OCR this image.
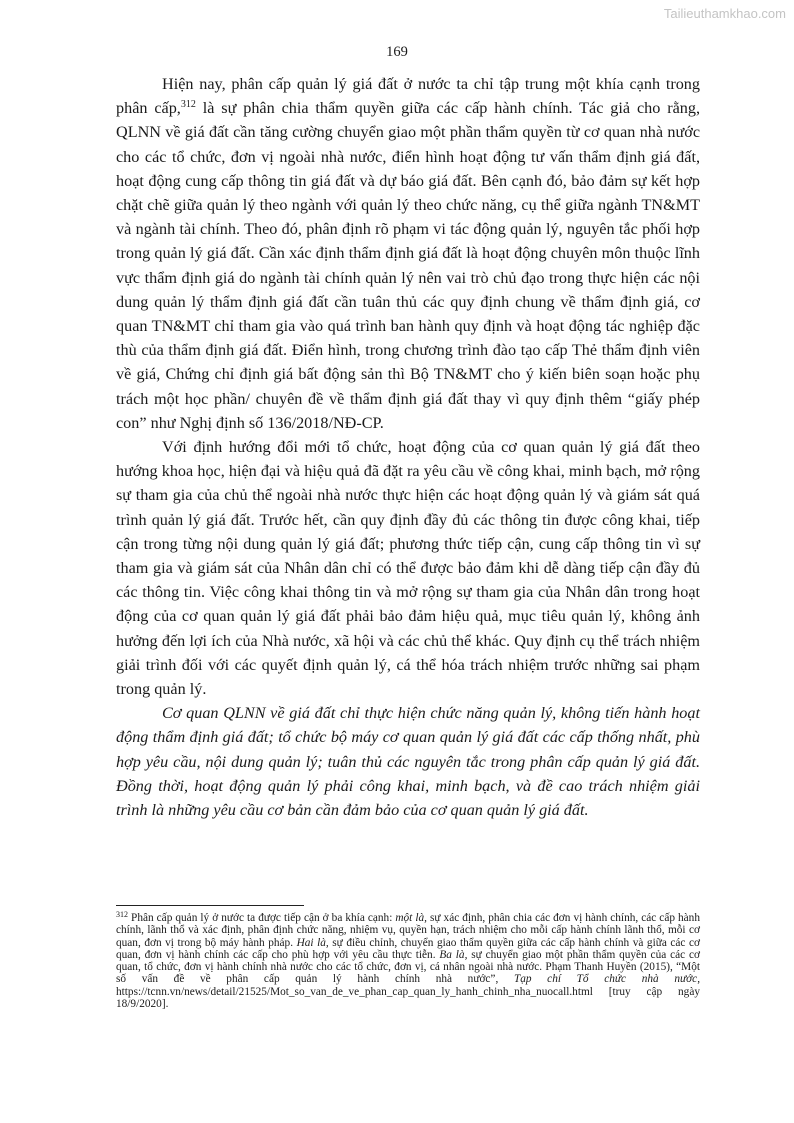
Tailieuthamkhao.com
169

Hiện nay, phân cấp quản lý giá đất ở nước ta chỉ tập trung một khía cạnh trong phân cấp,$^{312}$ là sự phân chia thẩm quyền giữa các cấp hành chính. Tác giả cho rằng, QLNN về giá đất cần tăng cường chuyển giao một phần thẩm quyền từ cơ quan nhà nước cho các tổ chức, đơn vị ngoài nhà nước, điển hình hoạt động tư vấn thẩm định giá đất, hoạt động cung cấp thông tin giá đất và dự báo giá đất. Bên cạnh đó, bảo đảm sự kết hợp chặt chẽ giữa quản lý theo ngành với quản lý theo chức năng, cụ thể giữa ngành TN&MT và ngành tài chính. Theo đó, phân định rõ phạm vi tác động quản lý, nguyên tắc phối hợp trong quản lý giá đất. Cần xác định thẩm định giá đất là hoạt động chuyên môn thuộc lĩnh vực thẩm định giá do ngành tài chính quản lý nên vai trò chủ đạo trong thực hiện các nội dung quản lý thẩm định giá đất cần tuân thủ các quy định chung về thẩm định giá, cơ quan TN&MT chỉ tham gia vào quá trình ban hành quy định và hoạt động tác nghiệp đặc thù của thẩm định giá đất. Điển hình, trong chương trình đào tạo cấp Thẻ thẩm định viên về giá, Chứng chỉ định giá bất động sản thì Bộ TN&MT cho ý kiến biên soạn hoặc phụ trách một học phần/ chuyên đề về thẩm định giá đất thay vì quy định thêm “giấy phép con” như Nghị định số 136/2018/NĐ-CP.

Với định hướng đổi mới tổ chức, hoạt động của cơ quan quản lý giá đất theo hướng khoa học, hiện đại và hiệu quả đã đặt ra yêu cầu về công khai, minh bạch, mở rộng sự tham gia của chủ thể ngoài nhà nước thực hiện các hoạt động quản lý và giám sát quá trình quản lý giá đất. Trước hết, cần quy định đầy đủ các thông tin được công khai, tiếp cận trong từng nội dung quản lý giá đất; phương thức tiếp cận, cung cấp thông tin vì sự tham gia và giám sát của Nhân dân chỉ có thể được bảo đảm khi dễ dàng tiếp cận đầy đủ các thông tin. Việc công khai thông tin và mở rộng sự tham gia của Nhân dân trong hoạt động của cơ quan quản lý giá đất phải bảo đảm hiệu quả, mục tiêu quản lý, không ảnh hưởng đến lợi ích của Nhà nước, xã hội và các chủ thể khác. Quy định cụ thể trách nhiệm giải trình đối với các quyết định quản lý, cá thể hóa trách nhiệm trước những sai phạm trong quản lý.

Cơ quan QLNN về giá đất chỉ thực hiện chức năng quản lý, không tiến hành hoạt động thẩm định giá đất; tổ chức bộ máy cơ quan quản lý giá đất các cấp thống nhất, phù hợp yêu cầu, nội dung quản lý; tuân thủ các nguyên tắc trong phân cấp quản lý giá đất. Đồng thời, hoạt động quản lý phải công khai, minh bạch, và đề cao trách nhiệm giải trình là những yêu cầu cơ bản cần đảm bảo của cơ quan quản lý giá đất.

$^{312}$ Phân cấp quản lý ở nước ta được tiếp cận ở ba khía cạnh: một là, sự xác định, phân chia các đơn vị hành chính, các cấp hành chính, lãnh thổ và xác định, phân định chức năng, nhiệm vụ, quyền hạn, trách nhiệm cho mỗi cấp hành chính lãnh thổ, mỗi cơ quan, đơn vị trong bộ máy hành pháp. Hai là, sự điều chỉnh, chuyển giao thẩm quyền giữa các cấp hành chính và giữa các cơ quan, đơn vị hành chính các cấp cho phù hợp với yêu cầu thực tiễn. Ba là, sự chuyển giao một phần thẩm quyền của các cơ quan, tổ chức, đơn vị hành chính nhà nước cho các tổ chức, đơn vị, cá nhân ngoài nhà nước. Phạm Thanh Huyền (2015), “Một số vấn đề về phân cấp quản lý hành chính nhà nước”, Tạp chí Tổ chức nhà nước, https://tcnn.vn/news/detail/21525/Mot_so_van_de_ve_phan_cap_quan_ly_hanh_chinh_nha_nuocall.html [truy cập ngày 18/9/2020].
